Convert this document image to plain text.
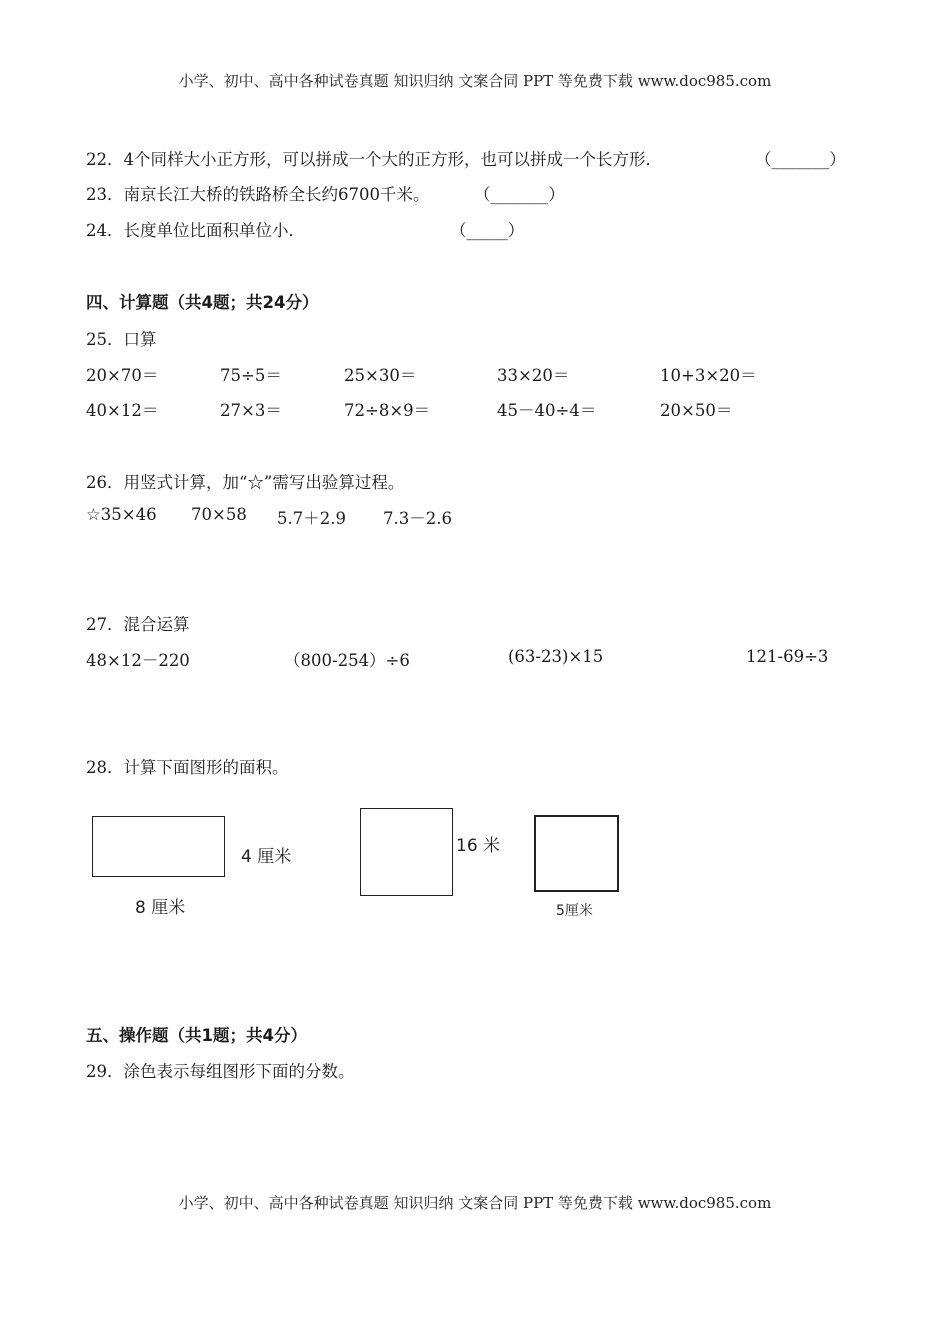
小学、初中、高中各种试卷真题 知识归纳 文案合同 PPT 等免费下载 www.doc985.com
22．4个同样大小正方形，可以拼成一个大的正方形，也可以拼成一个长方形．	（_______）
23．南京长江大桥的铁路桥全长约6700千米。	（_______）
24．长度单位比面积单位小．	（_____）
四、计算题（共4题；共24分）
25．口算
20×70＝	75÷5＝	25×30＝	33×20＝	10+3×20＝
40×12＝	27×3＝	72÷8×9＝	45－40÷4＝	20×50＝
26．用竖式计算，加“☆”需写出验算过程。
☆35×46 70×58 5.7＋2.9 7.3－2.6
27．混合运算
48×12－220	（800-254）÷6	(63-23)×15	121-69÷3
28．计算下面图形的面积。
4 厘米
8 厘米
16 米
5厘米
五、操作题（共1题；共4分）
29．涂色表示每组图形下面的分数。
小学、初中、高中各种试卷真题 知识归纳 文案合同 PPT 等免费下载 www.doc985.com
